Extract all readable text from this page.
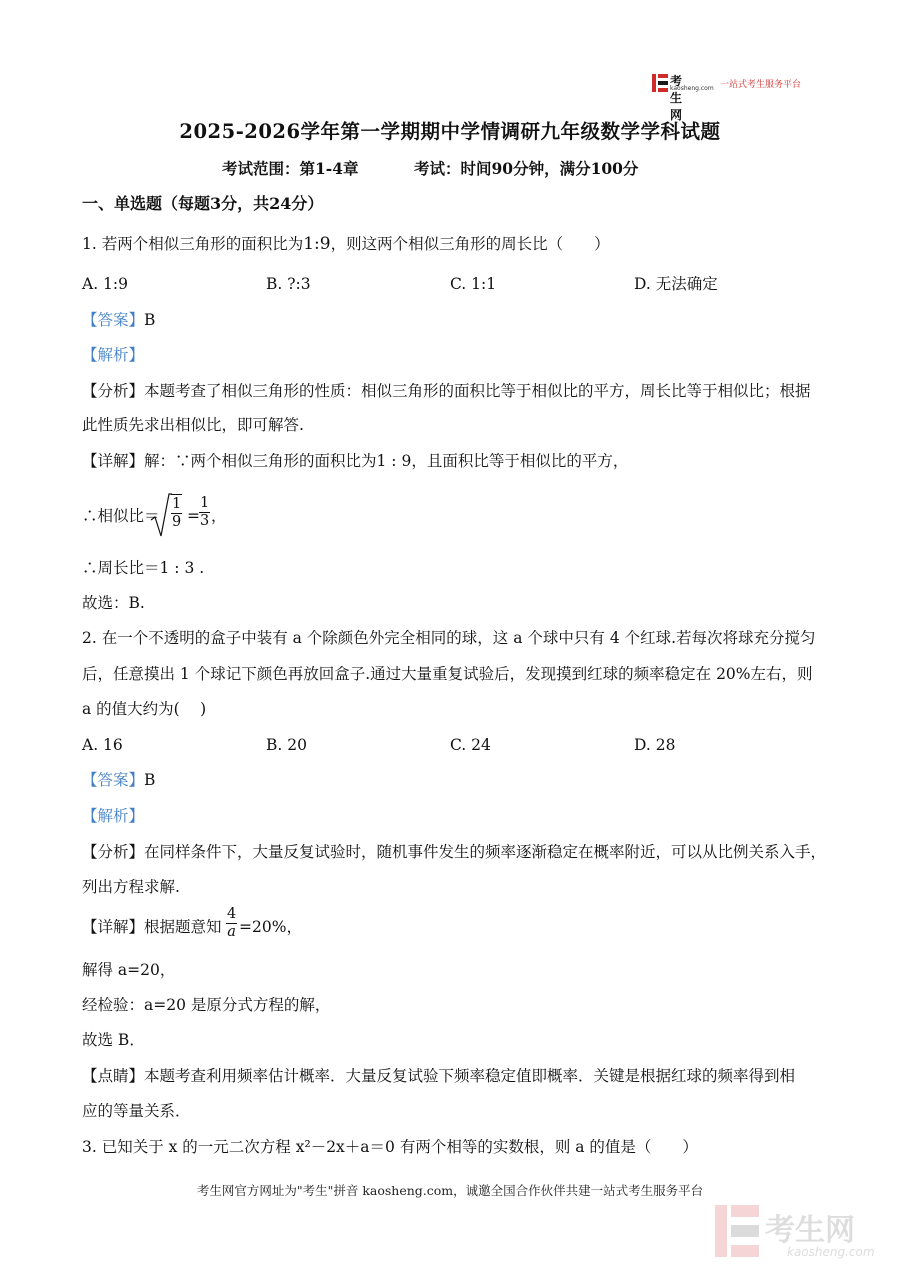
考生网
kaosheng.com 一站式考生服务平台
2025-2026学年第一学期期中学情调研九年级数学学科试题
考试范围：第1-4章	考试：时间90分钟，满分100分
一、单选题（每题3分，共24分）
1. 若两个相似三角形的面积比为1:9，则这两个相似三角形的周长比（　　）
A. 1:9	B. ?:3	C. 1:1	D. 无法确定
【答案】B
【解析】
【分析】本题考查了相似三角形的性质：相似三角形的面积比等于相似比的平方，周长比等于相似比；根据
此性质先求出相似比，即可解答.
【详解】解：∵两个相似三角形的面积比为1 : 9，且面积比等于相似比的平方，
∴相似比＝ $\frac{1}{9} = \frac{1}{3}$ ，
∴周长比＝1 : 3 .
故选：B.
2. 在一个不透明的盒子中装有 a 个除颜色外完全相同的球，这 a 个球中只有 4 个红球.若每次将球充分搅匀
后，任意摸出 1 个球记下颜色再放回盒子.通过大量重复试验后，发现摸到红球的频率稳定在 20%左右，则
a 的值大约为(　 )
A. 16	B. 20	C. 24	D. 28
【答案】B
【解析】
【分析】在同样条件下，大量反复试验时，随机事件发生的频率逐渐稳定在概率附近，可以从比例关系入手，
列出方程求解.
【详解】 根据题意知 $\frac{4}{a} =20\%$，
解得 a=20，
经检验：a=20 是原分式方程的解，
故选 B．
【点睛】本题考查利用频率估计概率．大量反复试验下频率稳定值即概率．关键是根据红球的频率得到相
应的等量关系．
3. 已知关于 x 的一元二次方程 x²－2x＋a＝0 有两个相等的实数根，则 a 的值是（　　）
考生网官方网址为"考生"拼音 kaosheng.com，诚邀全国合作伙伴共建一站式考生服务平台
考生网
kaosheng.com
